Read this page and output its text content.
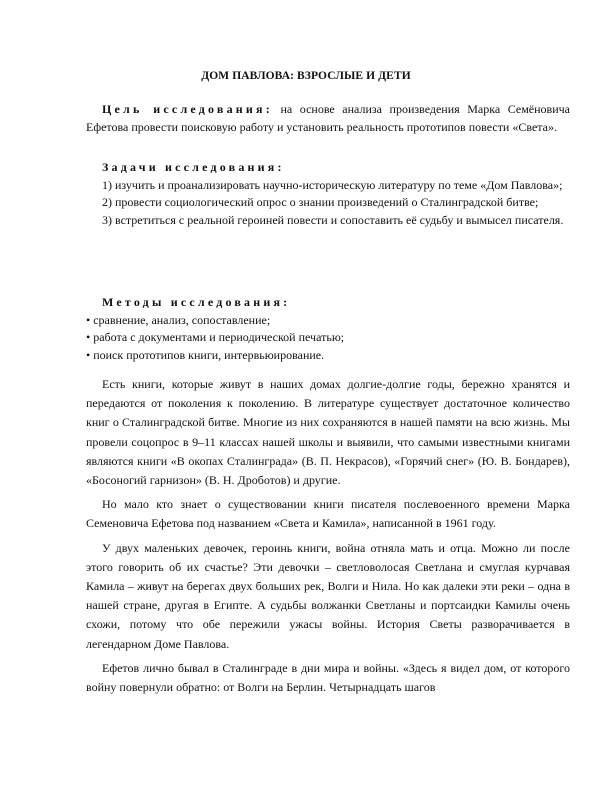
ДОМ ПАВЛОВА: ВЗРОСЛЫЕ И ДЕТИ

Цель исследования: на основе анализа произведения Марка Семёновича Ефетова провести поисковую работу и установить реальность прототипов повести «Света».

Задачи исследования:

1) изучить и проанализировать научно-историческую литературу по теме «Дом Павлова»;

2) провести социологический опрос о знании произведений о Сталинградской битве;

3) встретиться с реальной героиней повести и сопоставить её судьбу и вымысел писателя.

Методы исследования:

• сравнение, анализ, сопоставление;

• работа с документами и периодической печатью;

• поиск прототипов книги, интервьюирование.

Есть книги, которые живут в наших домах долгие-долгие годы, бережно хранятся и передаются от поколения к поколению. В литературе существует достаточное количество книг о Сталинградской битве. Многие из них сохраняются в нашей памяти на всю жизнь. Мы провели соцопрос в 9–11 классах нашей школы и выявили, что самыми известными книгами являются книги «В окопах Сталинграда» (В. П. Некрасов), «Горячий снег» (Ю. В. Бондарев), «Босоногий гарнизон» (В. Н. Дроботов) и другие.

Но мало кто знает о существовании книги писателя послевоенного времени Марка Семеновича Ефетова под названием «Света и Камила», написанной в 1961 году.

У двух маленьких девочек, героинь книги, война отняла мать и отца. Можно ли после этого говорить об их счастье? Эти девочки – светловолосая Светлана и смуглая курчавая Камила – живут на берегах двух больших рек, Волги и Нила. Но как далеки эти реки – одна в нашей стране, другая в Египте. А судьбы волжанки Светланы и портсаидки Камилы очень схожи, потому что обе пережили ужасы войны. История Светы разворачивается в легендарном Доме Павлова.

Ефетов лично бывал в Сталинграде в дни мира и войны. «Здесь я видел дом, от которого войну повернули обратно: от Волги на Берлин. Четырнадцать шагов
